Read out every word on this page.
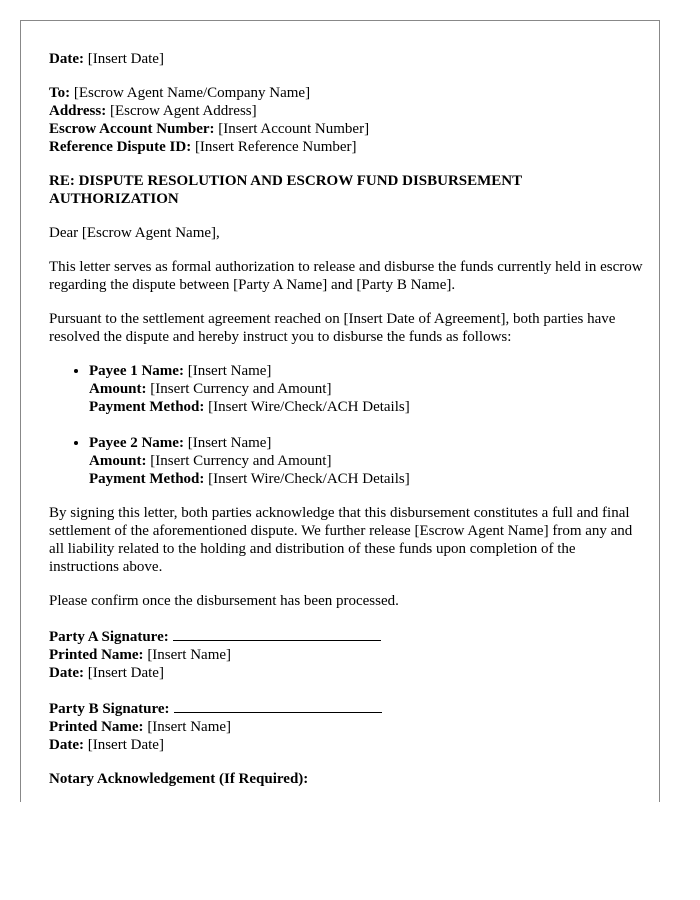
Date: [Insert Date]

To: [Escrow Agent Name/Company Name]
Address: [Escrow Agent Address]
Escrow Account Number: [Insert Account Number]
Reference Dispute ID: [Insert Reference Number]
RE: DISPUTE RESOLUTION AND ESCROW FUND DISBURSEMENT
AUTHORIZATION

Dear [Escrow Agent Name],

This letter serves as formal authorization to release and disburse the funds currently held in escrow regarding the dispute between [Party A Name] and [Party B Name].

Pursuant to the settlement agreement reached on [Insert Date of Agreement], both parties have resolved the dispute and hereby instruct you to disburse the funds as follows:

• Payee 1 Name: [Insert Name]
Amount: [Insert Currency and Amount]
Payment Method: [Insert Wire/Check/ACH Details]
• Payee 2 Name: [Insert Name]
Amount: [Insert Currency and Amount]
Payment Method: [Insert Wire/Check/ACH Details]

By signing this letter, both parties acknowledge that this disbursement constitutes a full and final settlement of the aforementioned dispute. We further release [Escrow Agent Name] from any and all liability related to the holding and distribution of these funds upon completion of the instructions above.

Please confirm once the disbursement has been processed.

Party A Signature:
Printed Name: [Insert Name]
Date: [Insert Date]
Party B Signature:
Printed Name: [Insert Name]
Date: [Insert Date]

Notary Acknowledgement (If Required):
